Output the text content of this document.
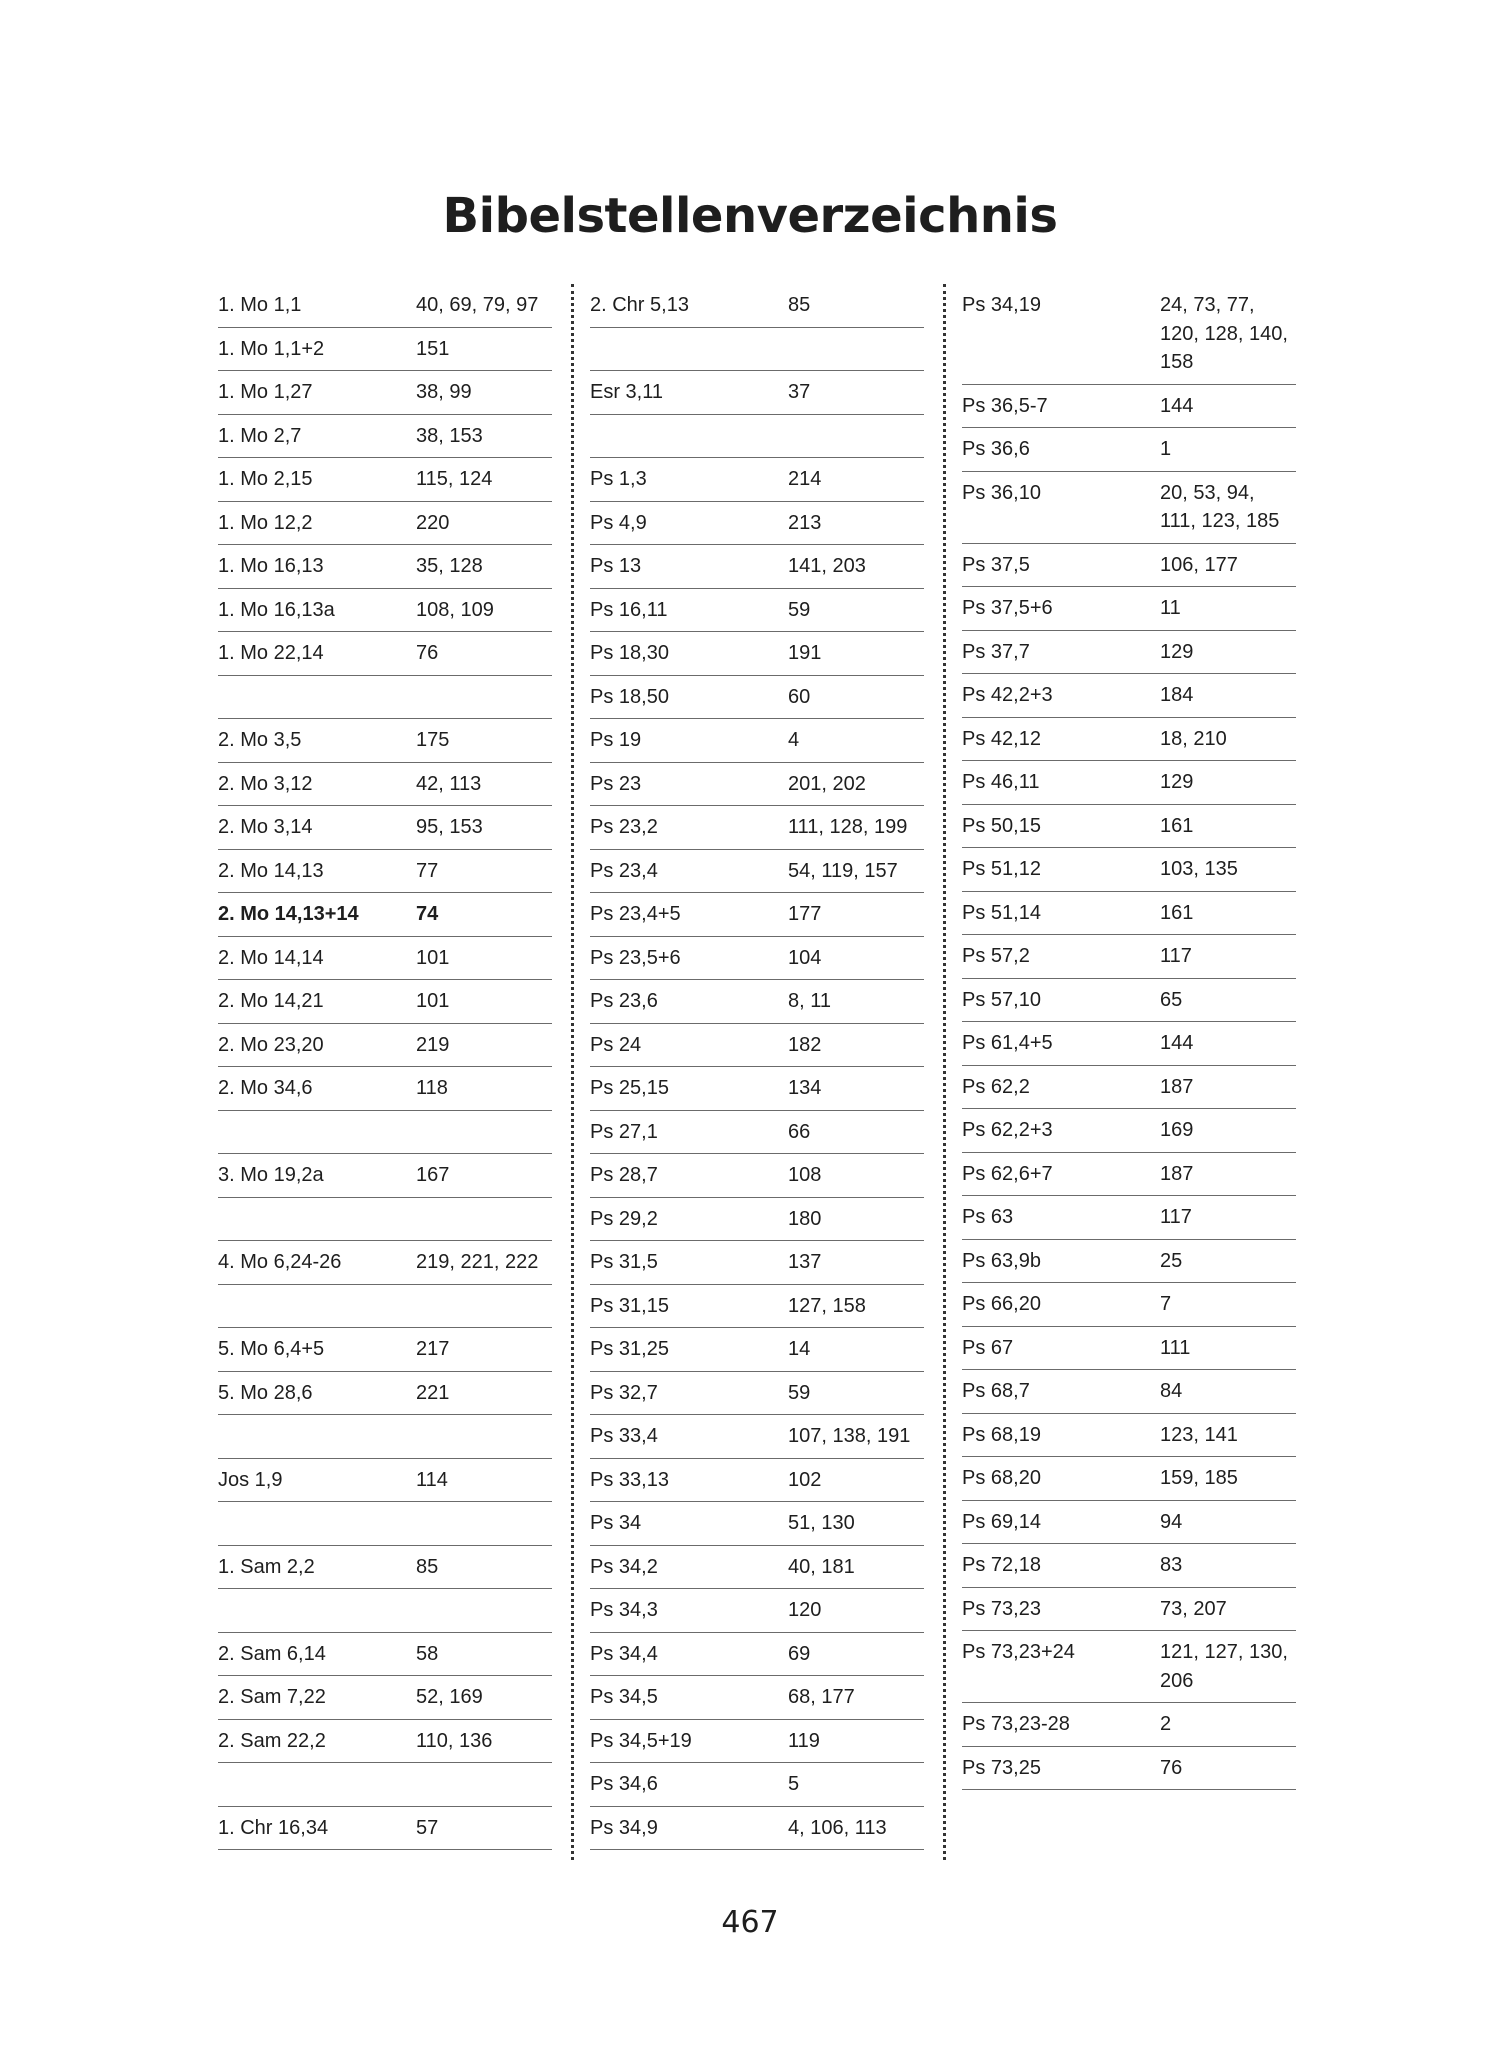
Bibelstellenverzeichnis
1. Mo 1,1	40, 69, 79, 97
1. Mo 1,1+2	151
1. Mo 1,27	38, 99
1. Mo 2,7	38, 153
1. Mo 2,15	115, 124
1. Mo 12,2	220
1. Mo 16,13	35, 128
1. Mo 16,13a	108, 109
1. Mo 22,14	76
2. Mo 3,5	175
2. Mo 3,12	42, 113
2. Mo 3,14	95, 153
2. Mo 14,13	77
2. Mo 14,13+14	74
2. Mo 14,14	101
2. Mo 14,21	101
2. Mo 23,20	219
2. Mo 34,6	118
3. Mo 19,2a	167
4. Mo 6,24-26	219, 221, 222
5. Mo 6,4+5	217
5. Mo 28,6	221
Jos 1,9	114
1. Sam 2,2	85
2. Sam 6,14	58
2. Sam 7,22	52, 169
2. Sam 22,2	110, 136
1. Chr 16,34	57
2. Chr 5,13	85
Esr 3,11	37
Ps 1,3	214
Ps 4,9	213
Ps 13	141, 203
Ps 16,11	59
Ps 18,30	191
Ps 18,50	60
Ps 19	4
Ps 23	201, 202
Ps 23,2	111, 128, 199
Ps 23,4	54, 119, 157
Ps 23,4+5	177
Ps 23,5+6	104
Ps 23,6	8, 11
Ps 24	182
Ps 25,15	134
Ps 27,1	66
Ps 28,7	108
Ps 29,2	180
Ps 31,5	137
Ps 31,15	127, 158
Ps 31,25	14
Ps 32,7	59
Ps 33,4	107, 138, 191
Ps 33,13	102
Ps 34	51, 130
Ps 34,2	40, 181
Ps 34,3	120
Ps 34,4	69
Ps 34,5	68, 177
Ps 34,5+19	119
Ps 34,6	5
Ps 34,9	4, 106, 113
Ps 34,19	24, 73, 77, 120, 128, 140, 158
Ps 36,5-7	144
Ps 36,6	1
Ps 36,10	20, 53, 94, 111, 123, 185
Ps 37,5	106, 177
Ps 37,5+6	11
Ps 37,7	129
Ps 42,2+3	184
Ps 42,12	18, 210
Ps 46,11	129
Ps 50,15	161
Ps 51,12	103, 135
Ps 51,14	161
Ps 57,2	117
Ps 57,10	65
Ps 61,4+5	144
Ps 62,2	187
Ps 62,2+3	169
Ps 62,6+7	187
Ps 63	117
Ps 63,9b	25
Ps 66,20	7
Ps 67	111
Ps 68,7	84
Ps 68,19	123, 141
Ps 68,20	159, 185
Ps 69,14	94
Ps 72,18	83
Ps 73,23	73, 207
Ps 73,23+24	121, 127, 130, 206
Ps 73,23-28	2
Ps 73,25	76
467
